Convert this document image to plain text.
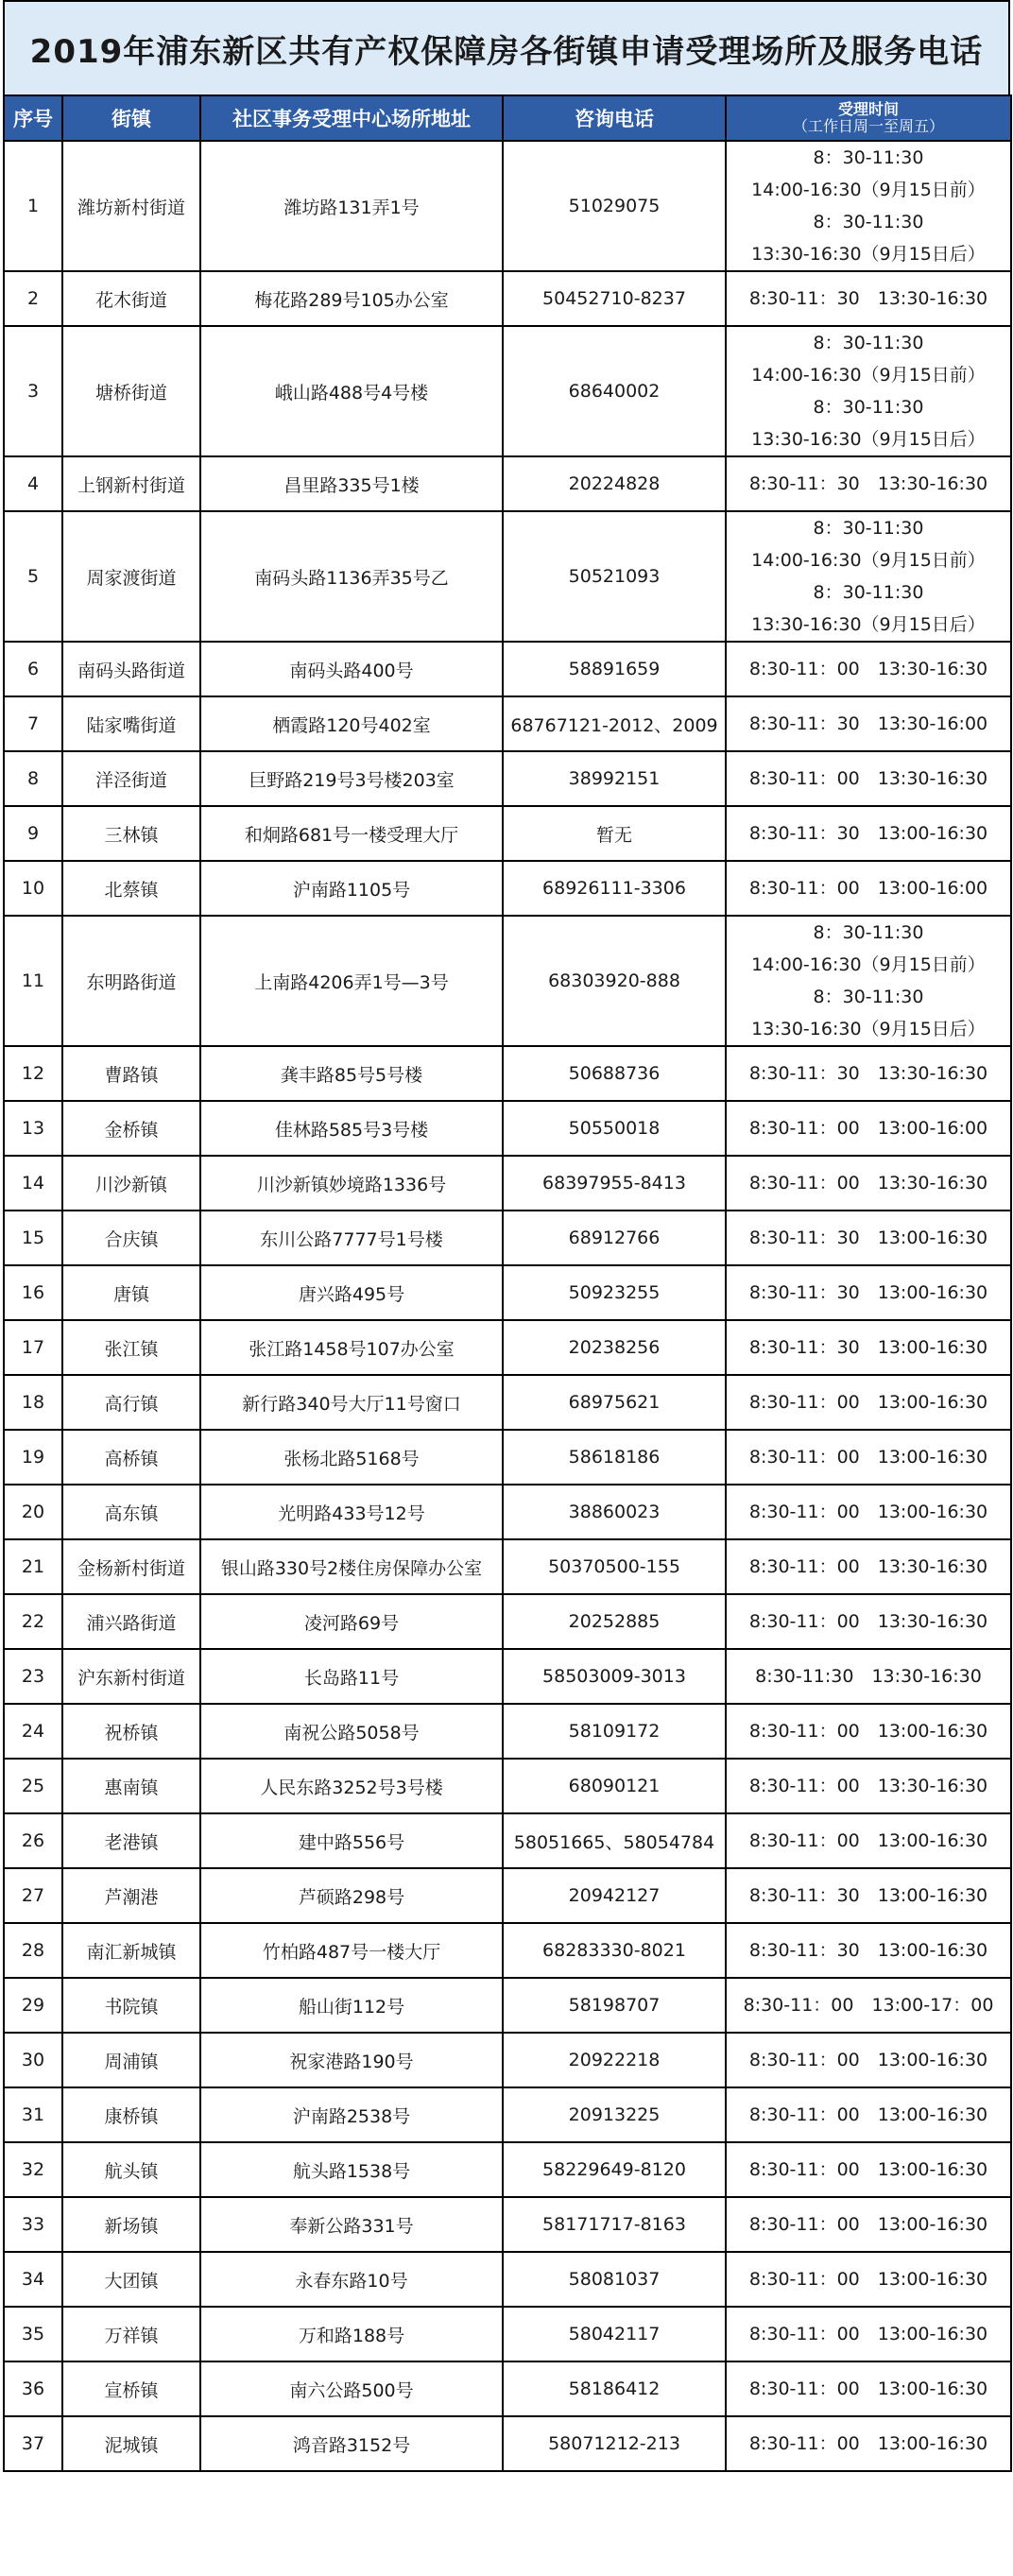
2019年浦东新区共有产权保障房各街镇申请受理场所及服务电话
序号	街镇	社区事务受理中心场所地址	咨询电话	受理时间
（工作日周一至周五）

1	潍坊新村街道	潍坊路131弄1号	51029075	8：30-11:30
14:00-16:30（9月15日前）
8：30-11:30
13:30-16:30（9月15日后）

2	花木街道	梅花路289号105办公室	50452710-8237	8:30-11：30　13:30-16:30

3	塘桥街道	峨山路488号4号楼	68640002	8：30-11:30
14:00-16:30（9月15日前）
8：30-11:30
13:30-16:30（9月15日后）

4	上钢新村街道	昌里路335号1楼	20224828	8:30-11：30　13:30-16:30

5	周家渡街道	南码头路1136弄35号乙	50521093	8：30-11:30
14:00-16:30（9月15日前）
8：30-11:30
13:30-16:30（9月15日后）

6	南码头路街道	南码头路400号	58891659	8:30-11：00　13:30-16:30

7	陆家嘴街道	栖霞路120号402室	68767121-2012、2009	8:30-11：30　13:30-16:00

8	洋泾街道	巨野路219号3号楼203室	38992151	8:30-11：00　13:30-16:30

9	三林镇	和炯路681号一楼受理大厅	暂无	8:30-11：30　13:00-16:30

10	北蔡镇	沪南路1105号	68926111-3306	8:30-11：00　13:00-16:00

11	东明路街道	上南路4206弄1号—3号	68303920-888	8：30-11:30
14:00-16:30（9月15日前）
8：30-11:30
13:30-16:30（9月15日后）

12	曹路镇	龚丰路85号5号楼	50688736	8:30-11：30　13:30-16:30

13	金桥镇	佳林路585号3号楼	50550018	8:30-11：00　13:00-16:00

14	川沙新镇	川沙新镇妙境路1336号	68397955-8413	8:30-11：00　13:30-16:30

15	合庆镇	东川公路7777号1号楼	68912766	8:30-11：30　13:00-16:30

16	唐镇	唐兴路495号	50923255	8:30-11：30　13:00-16:30

17	张江镇	张江路1458号107办公室	20238256	8:30-11：30　13:00-16:30

18	高行镇	新行路340号大厅11号窗口	68975621	8:30-11：00　13:00-16:30

19	高桥镇	张杨北路5168号	58618186	8:30-11：00　13:00-16:30

20	高东镇	光明路433号12号	38860023	8:30-11：00　13:00-16:30

21	金杨新村街道	银山路330号2楼住房保障办公室	50370500-155	8:30-11：00　13:30-16:30

22	浦兴路街道	凌河路69号	20252885	8:30-11：00　13:30-16:30

23	沪东新村街道	长岛路11号	58503009-3013	8:30-11:30　13:30-16:30

24	祝桥镇	南祝公路5058号	58109172	8:30-11：00　13:00-16:30

25	惠南镇	人民东路3252号3号楼	68090121	8:30-11：00　13:30-16:30

26	老港镇	建中路556号	58051665、58054784	8:30-11：00　13:00-16:30

27	芦潮港	芦硕路298号	20942127	8:30-11：30　13:00-16:30

28	南汇新城镇	竹柏路487号一楼大厅	68283330-8021	8:30-11：30　13:00-16:30

29	书院镇	船山街112号	58198707	8:30-11：00　13:00-17：00

30	周浦镇	祝家港路190号	20922218	8:30-11：00　13:00-16:30

31	康桥镇	沪南路2538号	20913225	8:30-11：00　13:00-16:30

32	航头镇	航头路1538号	58229649-8120	8:30-11：00　13:00-16:30

33	新场镇	奉新公路331号	58171717-8163	8:30-11：00　13:00-16:30

34	大团镇	永春东路10号	58081037	8:30-11：00　13:00-16:30

35	万祥镇	万和路188号	58042117	8:30-11：00　13:00-16:30

36	宣桥镇	南六公路500号	58186412	8:30-11：00　13:00-16:30

37	泥城镇	鸿音路3152号	58071212-213	8:30-11：00　13:00-16:30
